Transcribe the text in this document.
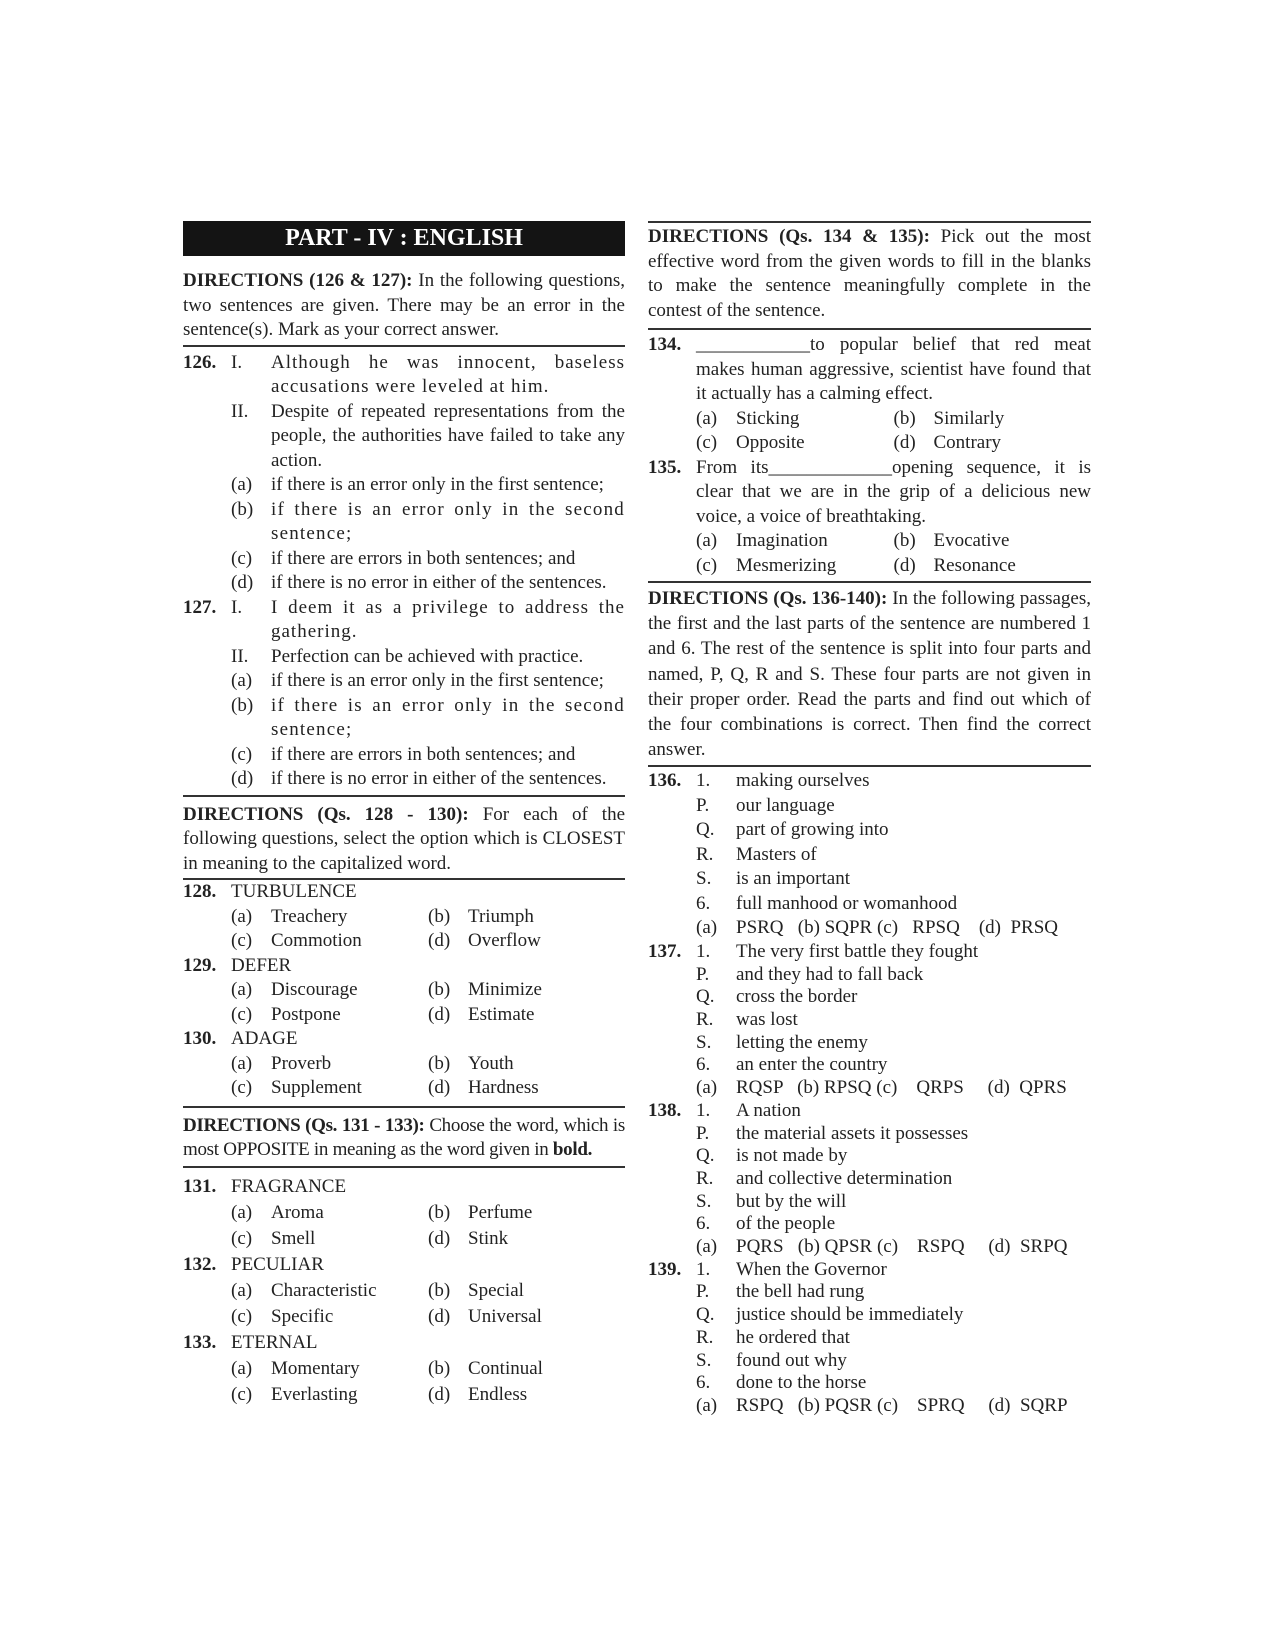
PART - IV : ENGLISH
DIRECTIONS (126 & 127): In the following questions, two sentences are given. There may be an error in the sentence(s). Mark as your correct answer.
126. I.	Although he was innocent, baseless accusations were leveled at him.
II.	Despite of repeated representations from the people, the authorities have failed to take any action.
(a) if there is an error only in the first sentence;
(b) if there is an error only in the second sentence;
(c) if there are errors in both sentences; and
(d) if there is no error in either of the sentences.
127. I.	I deem it as a privilege to address the gathering.
II.	Perfection can be achieved with practice.
(a) if there is an error only in the first sentence;
(b) if there is an error only in the second sentence;
(c) if there are errors in both sentences; and
(d) if there is no error in either of the sentences.
DIRECTIONS (Qs. 128 - 130): For each of the following questions, select the option which is CLOSEST in meaning to the capitalized word.
128. TURBULENCE
(a) Treachery	(b) Triumph
(c) Commotion	(d) Overflow
129. DEFER
(a) Discourage	(b) Minimize
(c) Postpone	(d) Estimate
130. ADAGE
(a) Proverb	(b) Youth
(c) Supplement	(d) Hardness
DIRECTIONS (Qs. 131 - 133): Choose the word, which is most OPPOSITE in meaning as the word given in bold.
131. FRAGRANCE
(a) Aroma	(b) Perfume
(c) Smell	(d) Stink
132. PECULIAR
(a) Characteristic	(b) Special
(c) Specific	(d) Universal
133. ETERNAL
(a) Momentary	(b) Continual
(c) Everlasting	(d) Endless
DIRECTIONS (Qs. 134 & 135): Pick out the most effective word from the given words to fill in the blanks to make the sentence meaningfully complete in the contest of the sentence.
134. ____________to popular belief that red meat makes human aggressive, scientist have found that it actually has a calming effect.
(a) Sticking	(b) Similarly
(c) Opposite	(d) Contrary
135. From its_____________opening sequence, it is clear that we are in the grip of a delicious new voice, a voice of breathtaking.
(a) Imagination	(b) Evocative
(c) Mesmerizing	(d) Resonance
DIRECTIONS (Qs. 136-140): In the following passages, the first and the last parts of the sentence are numbered 1 and 6. The rest of the sentence is split into four parts and named, P, Q, R and S. These four parts are not given in their proper order. Read the parts and find out which of the four combinations is correct. Then find the correct answer.
136. 1.	making ourselves
P.	our language
Q.	part of growing into
R.	Masters of
S.	is an important
6.	full manhood or womanhood
(a) PSRQ   (b) SQPR (c)   RPSQ    (d)  PRSQ
137. 1.	The very first battle they fought
P.	and they had to fall back
Q.	cross the border
R.	was lost
S.	letting the enemy
6.	an enter the country
(a) RQSP   (b) RPSQ (c)    QRPS     (d)  QPRS
138. 1.	A nation
P.	the material assets it possesses
Q.	is not made by
R.	and collective determination
S.	but by the will
6.	of the people
(a) PQRS   (b) QPSR (c)    RSPQ     (d)  SRPQ
139. 1.	When the Governor
P.	the bell had rung
Q.	justice should be immediately
R.	he ordered that
S.	found out why
6.	done to the horse
(a) RSPQ   (b) PQSR (c)    SPRQ     (d)  SQRP
